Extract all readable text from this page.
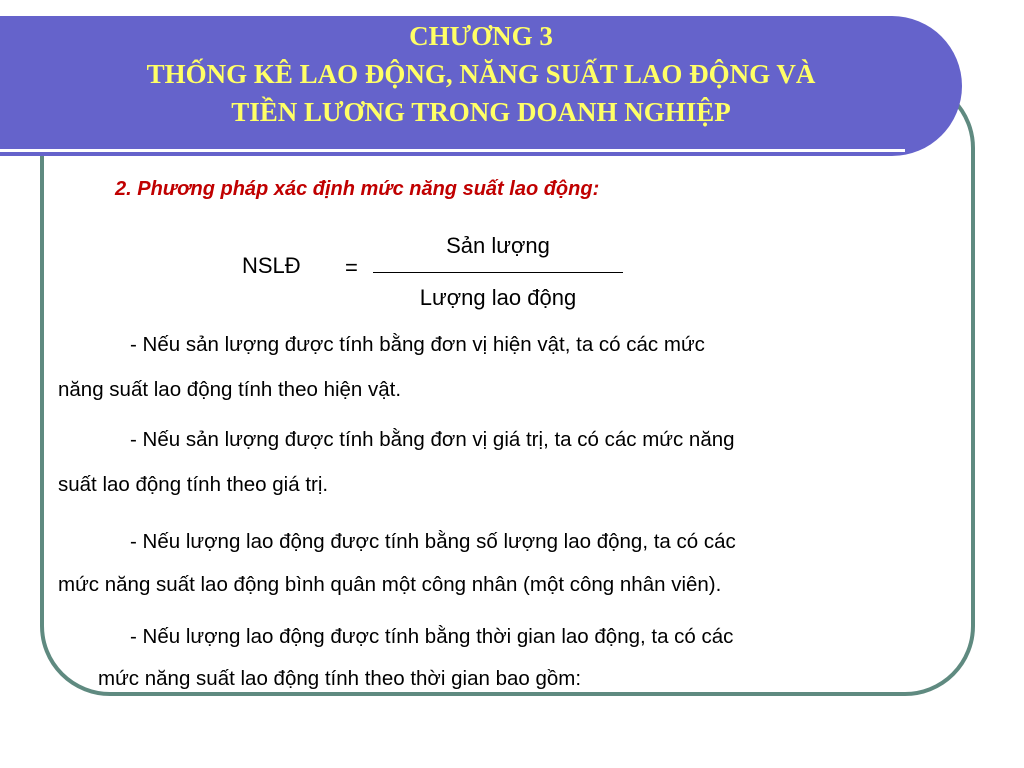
CHƯƠNG 3
THỐNG KÊ LAO ĐỘNG, NĂNG SUẤT LAO ĐỘNG VÀ
TIỀN LƯƠNG TRONG DOANH NGHIỆP
2. Phương pháp xác định mức năng suất lao động:
NSLĐ =
Sản lượng
Lượng lao động

- Nếu sản lượng được tính bằng đơn vị hiện vật, ta có các mức

năng suất lao động tính theo hiện vật.

- Nếu sản lượng được tính bằng đơn vị giá trị, ta có các mức năng

suất lao động tính theo giá trị.

- Nếu lượng lao động được tính bằng số lượng lao động, ta có các

mức năng suất lao động bình quân một công nhân (một công nhân viên).

- Nếu lượng lao động được tính bằng thời gian lao động, ta có các

mức năng suất lao động tính theo thời gian bao gồm:
